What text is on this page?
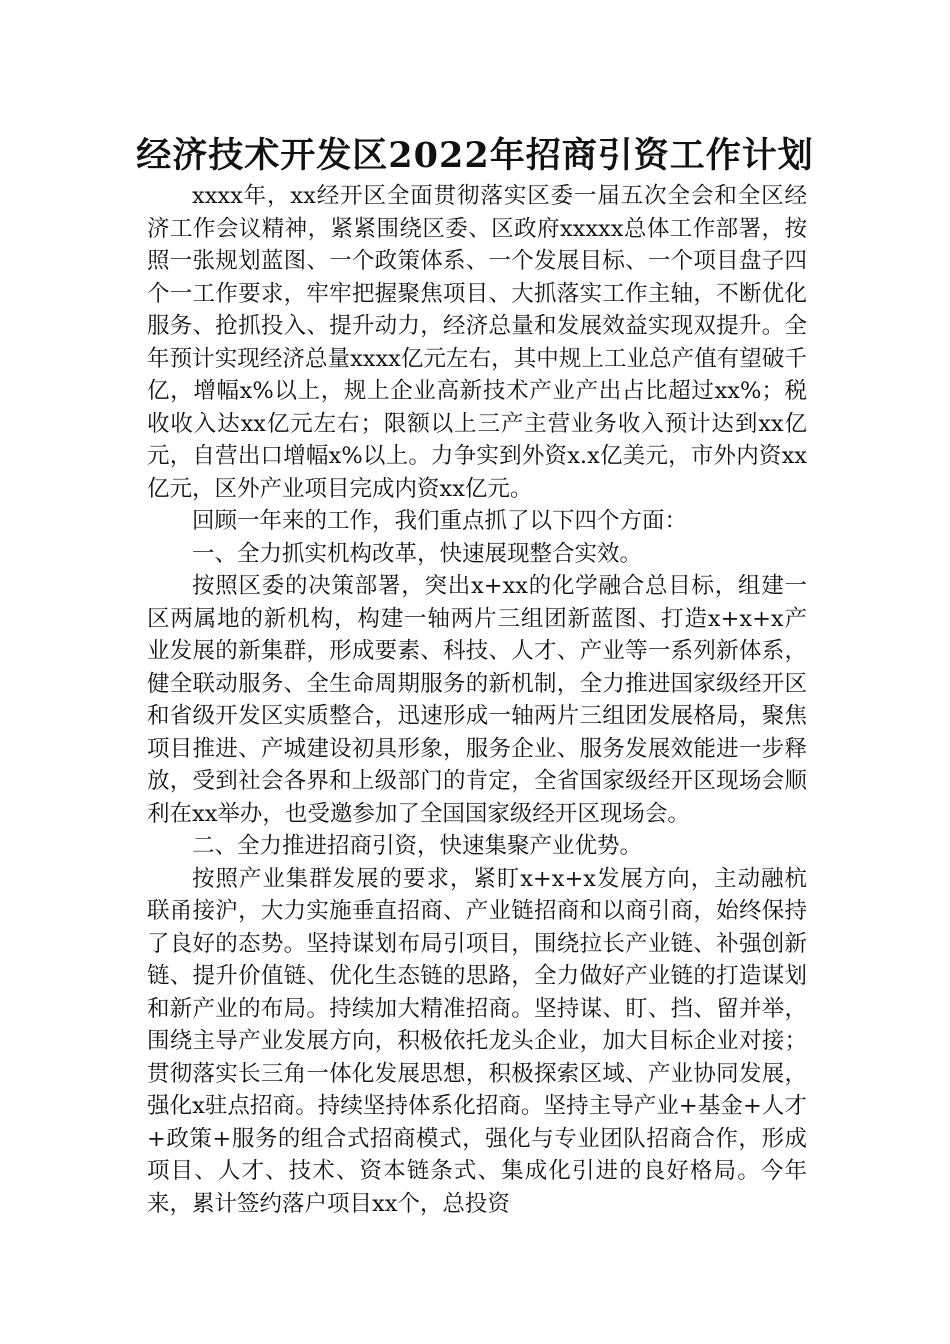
经济技术开发区2022年招商引资工作计划

xxxx年，xx经开区全面贯彻落实区委一届五次全会和全区经济工作会议精神，紧紧围绕区委、区政府xxxxx总体工作部署，按照一张规划蓝图、一个政策体系、一个发展目标、一个项目盘子四个一工作要求，牢牢把握聚焦项目、大抓落实工作主轴，不断优化服务、抢抓投入、提升动力，经济总量和发展效益实现双提升。全年预计实现经济总量xxxx亿元左右，其中规上工业总产值有望破千亿，增幅x%以上，规上企业高新技术产业产出占比超过xx%；税收收入达xx亿元左右；限额以上三产主营业务收入预计达到xx亿元，自营出口增幅x%以上。力争实到外资x.x亿美元，市外内资xx亿元，区外产业项目完成内资xx亿元。

回顾一年来的工作，我们重点抓了以下四个方面：

一、全力抓实机构改革，快速展现整合实效。

按照区委的决策部署，突出x+xx的化学融合总目标，组建一区两属地的新机构，构建一轴两片三组团新蓝图、打造x+x+x产业发展的新集群，形成要素、科技、人才、产业等一系列新体系，健全联动服务、全生命周期服务的新机制，全力推进国家级经开区和省级开发区实质整合，迅速形成一轴两片三组团发展格局，聚焦项目推进、产城建设初具形象，服务企业、服务发展效能进一步释放，受到社会各界和上级部门的肯定，全省国家级经开区现场会顺利在xx举办，也受邀参加了全国国家级经开区现场会。

二、全力推进招商引资，快速集聚产业优势。

按照产业集群发展的要求，紧盯x+x+x发展方向，主动融杭联甬接沪，大力实施垂直招商、产业链招商和以商引商，始终保持了良好的态势。坚持谋划布局引项目，围绕拉长产业链、补强创新链、提升价值链、优化生态链的思路，全力做好产业链的打造谋划和新产业的布局。持续加大精准招商。坚持谋、盯、挡、留并举，围绕主导产业发展方向，积极依托龙头企业，加大目标企业对接；贯彻落实长三角一体化发展思想，积极探索区域、产业协同发展，强化x驻点招商。持续坚持体系化招商。坚持主导产业+基金+人才+政策+服务的组合式招商模式，强化与专业团队招商合作，形成项目、人才、技术、资本链条式、集成化引进的良好格局。今年来，累计签约落户项目xx个，总投资
